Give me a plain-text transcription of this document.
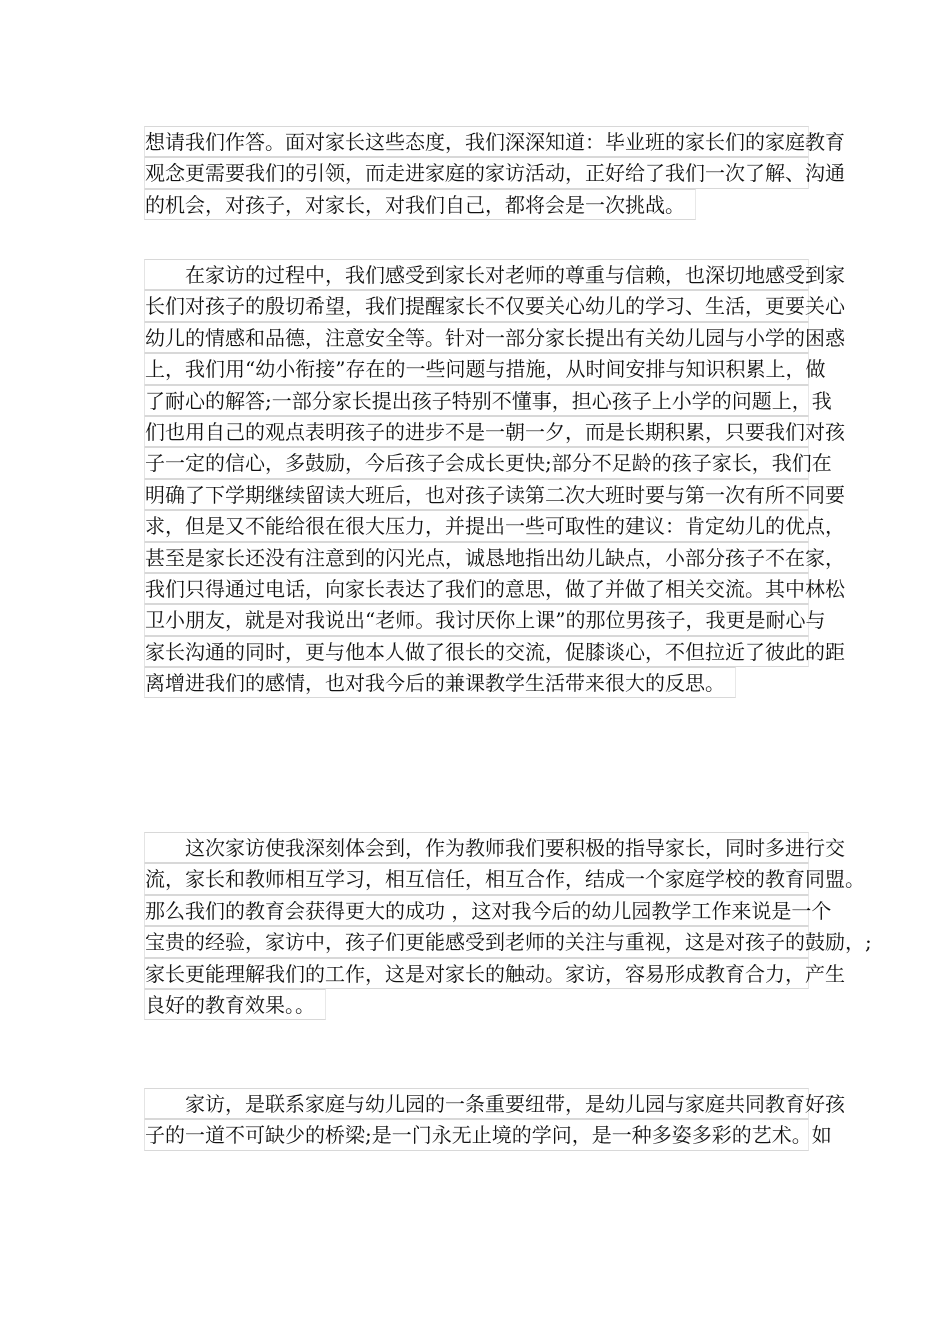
想请我们作答。面对家长这些态度，我们深深知道：毕业班的家长们的家庭教育
观念更需要我们的引领，而走进家庭的家访活动，正好给了我们一次了解、沟通
的机会，对孩子，对家长，对我们自己，都将会是一次挑战。
在家访的过程中，我们感受到家长对老师的尊重与信赖，也深切地感受到家
长们对孩子的殷切希望，我们提醒家长不仅要关心幼儿的学习、生活，更要关心
幼儿的情感和品德，注意安全等。针对一部分家长提出有关幼儿园与小学的困惑
上，我们用“幼小衔接”存在的一些问题与措施，从时间安排与知识积累上，做
了耐心的解答;一部分家长提出孩子特别不懂事，担心孩子上小学的问题上，我
们也用自己的观点表明孩子的进步不是一朝一夕，而是长期积累，只要我们对孩
子一定的信心，多鼓励，今后孩子会成长更快;部分不足龄的孩子家长，我们在
明确了下学期继续留读大班后，也对孩子读第二次大班时要与第一次有所不同要
求，但是又不能给很在很大压力，并提出一些可取性的建议：肯定幼儿的优点，
甚至是家长还没有注意到的闪光点，诚恳地指出幼儿缺点，小部分孩子不在家，
我们只得通过电话，向家长表达了我们的意思，做了并做了相关交流。其中林松
卫小朋友，就是对我说出“老师。我讨厌你上课”的那位男孩子，我更是耐心与
家长沟通的同时，更与他本人做了很长的交流，促膝谈心，不但拉近了彼此的距
离增进我们的感情，也对我今后的兼课教学生活带来很大的反思。
这次家访使我深刻体会到，作为教师我们要积极的指导家长，同时多进行交
流，家长和教师相互学习，相互信任，相互合作，结成一个家庭学校的教育同盟。
那么我们的教育会获得更大的成功 ，这对我今后的幼儿园教学工作来说是一个
宝贵的经验，家访中，孩子们更能感受到老师的关注与重视，这是对孩子的鼓励，;
家长更能理解我们的工作，这是对家长的触动。家访，容易形成教育合力，产生
良好的教育效果。。
家访，是联系家庭与幼儿园的一条重要纽带，是幼儿园与家庭共同教育好孩
子的一道不可缺少的桥梁;是一门永无止境的学问，是一种多姿多彩的艺术。如
